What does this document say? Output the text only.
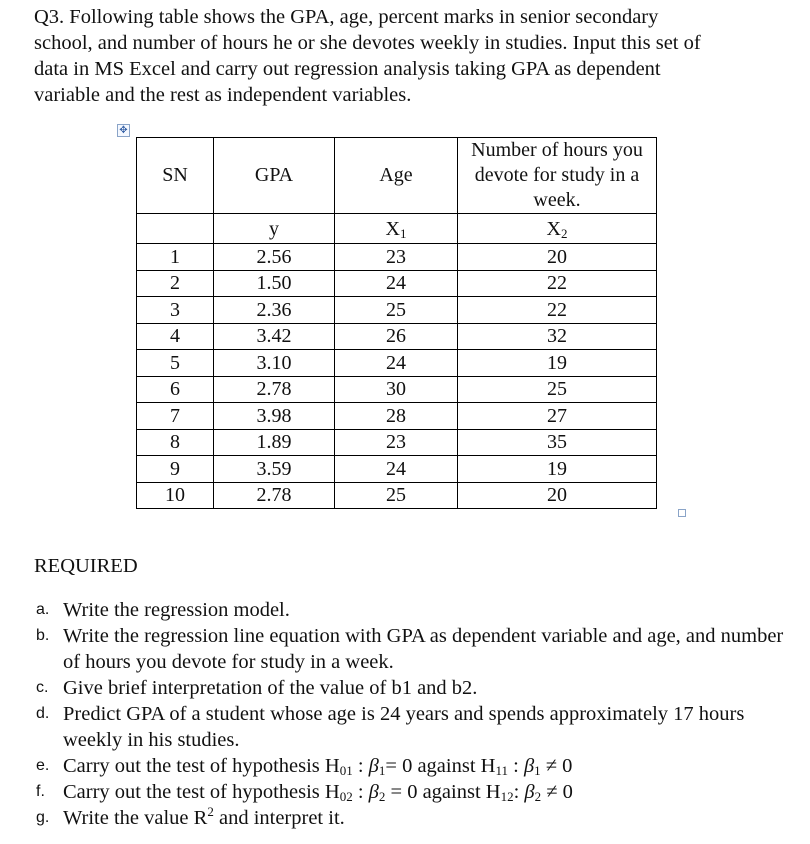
Q3. Following table shows the GPA, age, percent marks in senior secondary
school, and number of hours he or she devotes weekly in studies. Input this set of
data in MS Excel and carry out regression analysis taking GPA as dependent
variable and the rest as independent variables.
✥
SN	GPA	Age	Number of hours you
devote for study in a
week.

	y	$X_1$	$X_2$
1	2.56	23	20
2	1.50	24	22
3	2.36	25	22
4	3.42	26	32
5	3.10	24	19
6	2.78	30	25
7	3.98	28	27
8	1.89	23	35
9	3.59	24	19
10	2.78	25	20
REQUIRED
a. Write the regression model.
b. Write the regression line equation with GPA as dependent variable and age, and number of hours you devote for study in a week.
c. Give brief interpretation of the value of b1 and b2.
d. Predict GPA of a student whose age is 24 years and spends approximately 17 hours weekly in his studies.
e. Carry out the test of hypothesis $H_{01}$ : $\beta_1= 0$ against $H_{11}$ : $\beta_1 \ne 0$
f. Carry out the test of hypothesis $H_{02}$ : $\beta_2 = 0$ against $H_{12}$: $\beta_2 \ne 0$
g. Write the value $R^2$ and interpret it.
